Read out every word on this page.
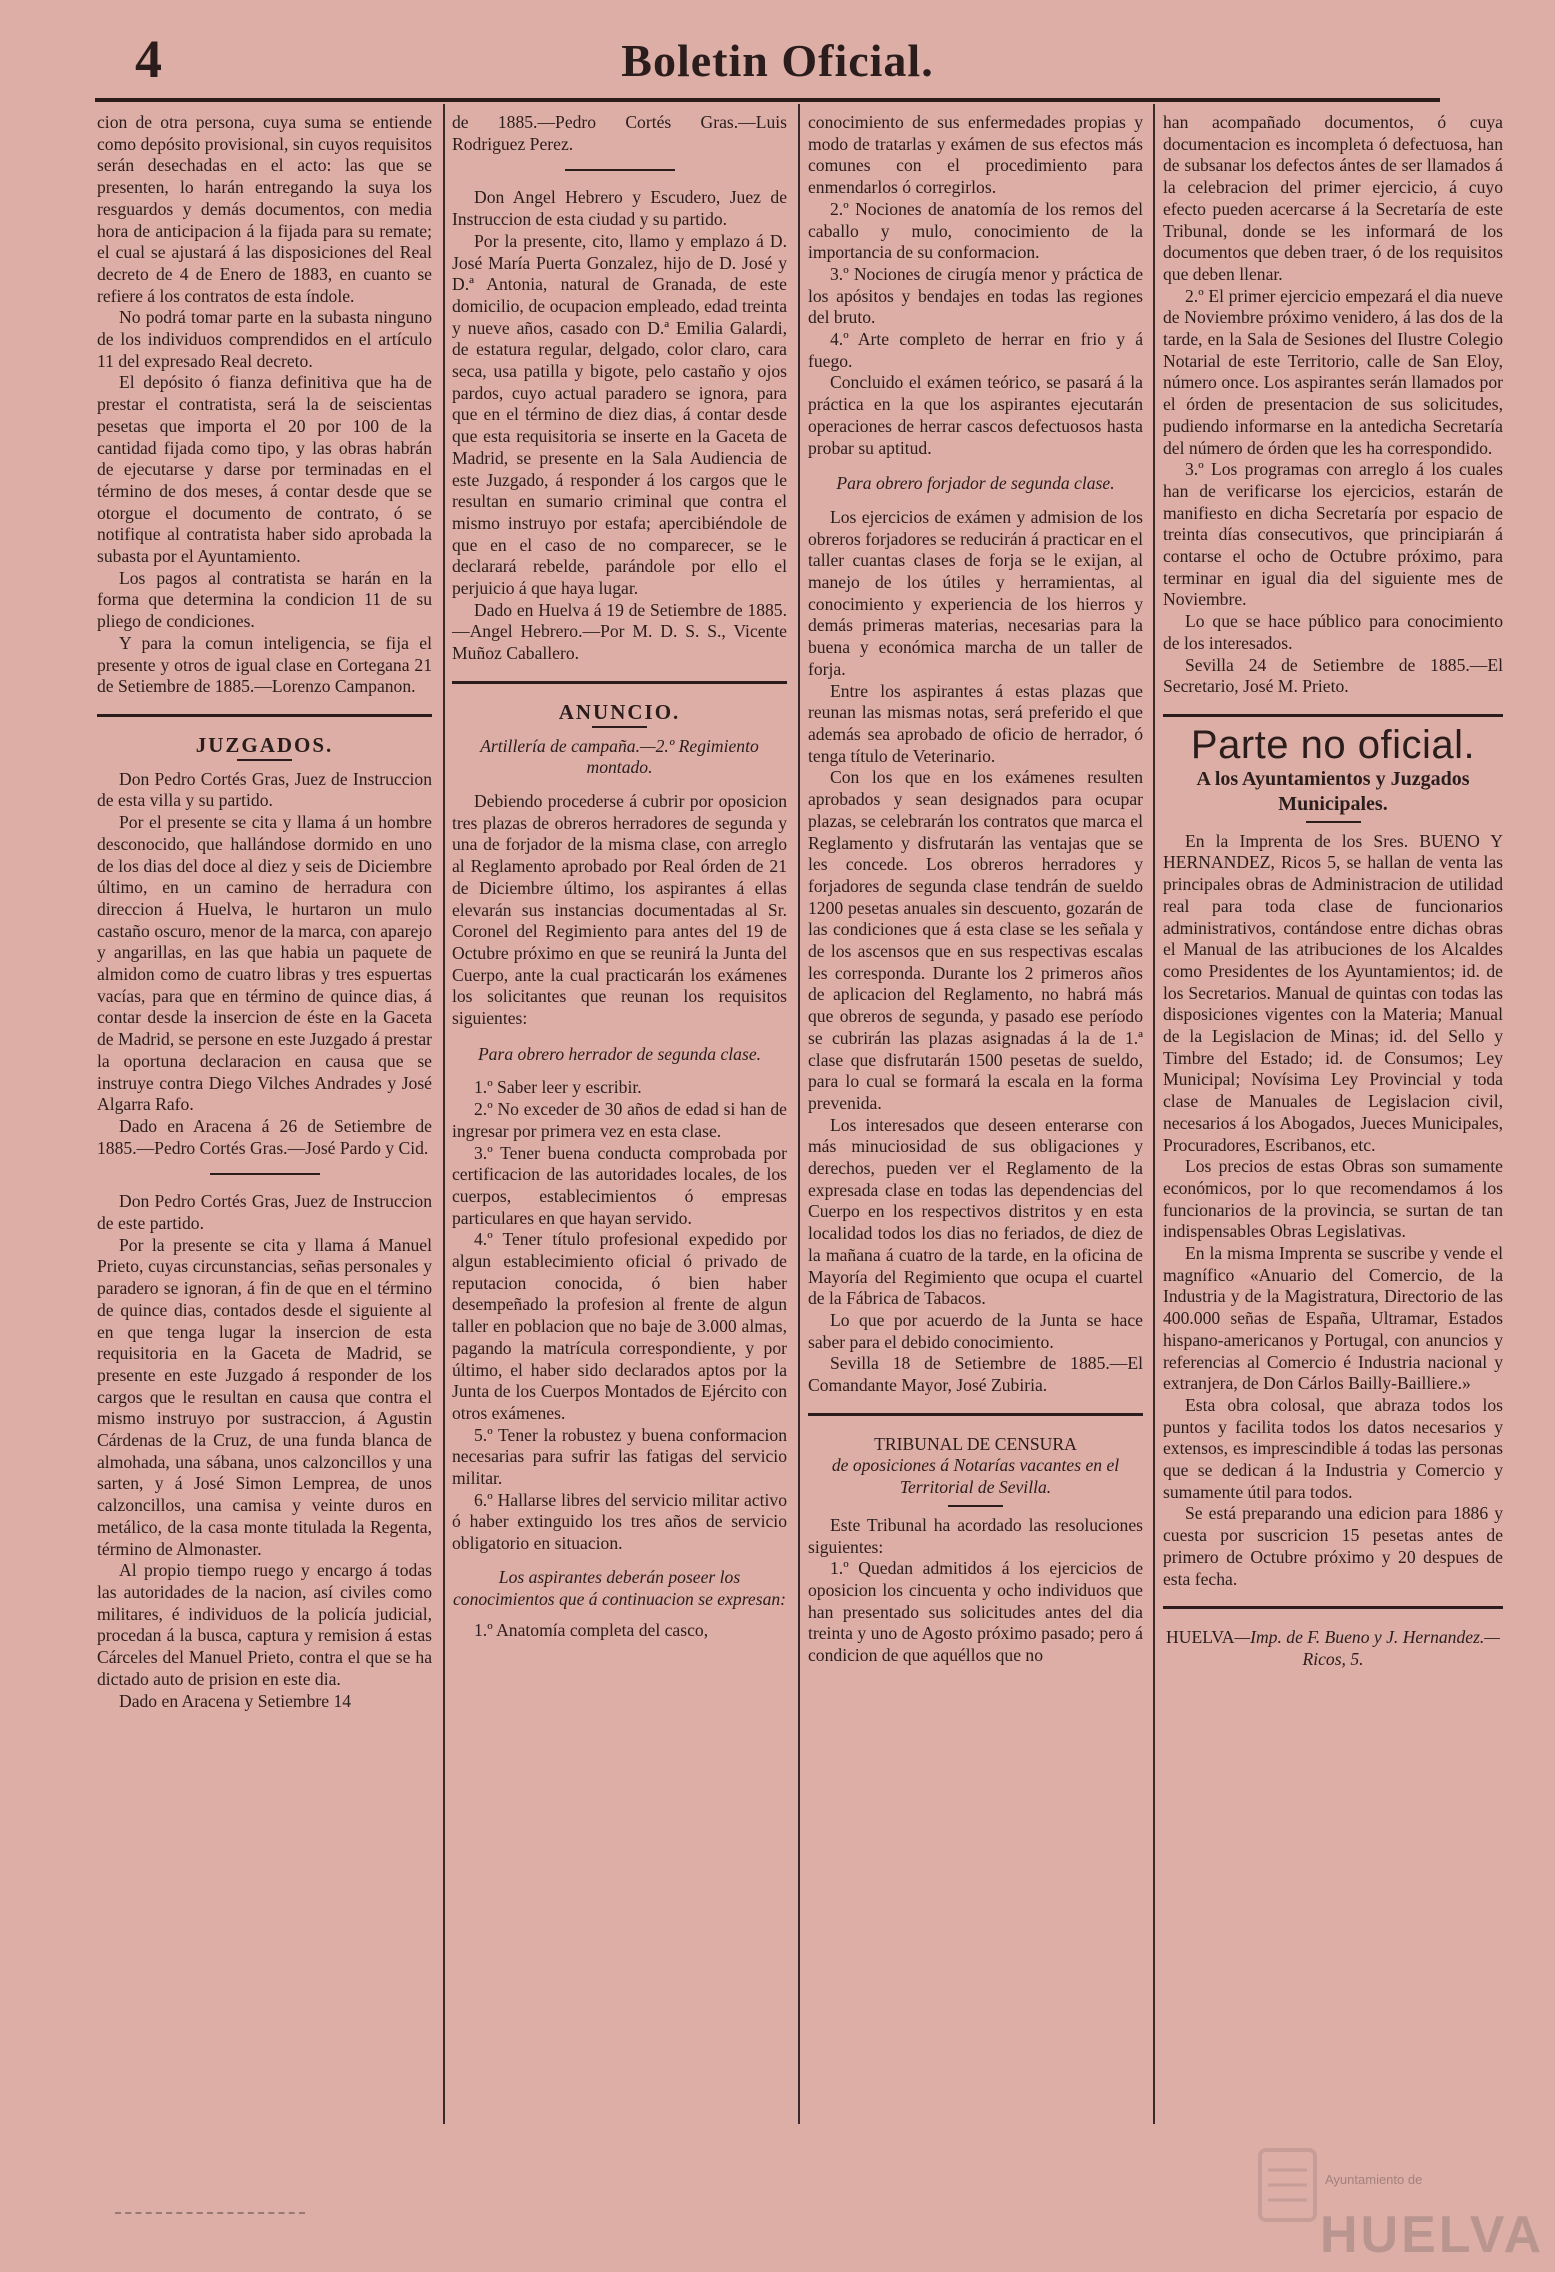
4	Boletin Oficial.

cion de otra persona, cuya suma se entiende como depósito provisional, sin cuyos requisitos serán desechadas en el acto: las que se presenten, lo harán entregando la suya los resguardos y demás documentos, con media hora de anticipacion á la fijada para su remate; el cual se ajustará á las disposiciones del Real decreto de 4 de Enero de 1883, en cuanto se refiere á los contratos de esta índole.

No podrá tomar parte en la subasta ninguno de los individuos comprendidos en el artículo 11 del expresado Real decreto.

El depósito ó fianza definitiva que ha de prestar el contratista, será la de seiscientas pesetas que importa el 20 por 100 de la cantidad fijada como tipo, y las obras habrán de ejecutarse y darse por terminadas en el término de dos meses, á contar desde que se otorgue el documento de contrato, ó se notifique al contratista haber sido aprobada la subasta por el Ayuntamiento.

Los pagos al contratista se harán en la forma que determina la condicion 11 de su pliego de condiciones.

Y para la comun inteligencia, se fija el presente y otros de igual clase en Cortegana 21 de Setiembre de 1885.—Lorenzo Campanon.

JUZGADOS.

Don Pedro Cortés Gras, Juez de Instruccion de esta villa y su partido.

Por el presente se cita y llama á un hombre desconocido, que hallándose dormido en uno de los dias del doce al diez y seis de Diciembre último, en un camino de herradura con direccion á Huelva, le hurtaron un mulo castaño oscuro, menor de la marca, con aparejo y angarillas, en las que habia un paquete de almidon como de cuatro libras y tres espuertas vacías, para que en término de quince dias, á contar desde la insercion de éste en la Gaceta de Madrid, se persone en este Juzgado á prestar la oportuna declaracion en causa que se instruye contra Diego Vilches Andrades y José Algarra Rafo.

Dado en Aracena á 26 de Setiembre de 1885.—Pedro Cortés Gras.—José Pardo y Cid.

Don Pedro Cortés Gras, Juez de Instruccion de este partido.

Por la presente se cita y llama á Manuel Prieto, cuyas circunstancias, señas personales y paradero se ignoran, á fin de que en el término de quince dias, contados desde el siguiente al en que tenga lugar la insercion de esta requisitoria en la Gaceta de Madrid, se presente en este Juzgado á responder de los cargos que le resultan en causa que contra el mismo instruyo por sustraccion, á Agustin Cárdenas de la Cruz, de una funda blanca de almohada, una sábana, unos calzoncillos y una sarten, y á José Simon Lemprea, de unos calzoncillos, una camisa y veinte duros en metálico, de la casa monte titulada la Regenta, término de Almonaster.

Al propio tiempo ruego y encargo á todas las autoridades de la nacion, así civiles como militares, é individuos de la policía judicial, procedan á la busca, captura y remision á estas Cárceles del Manuel Prieto, contra el que se ha dictado auto de prision en este dia.

Dado en Aracena y Setiembre 14

de 1885.—Pedro Cortés Gras.—Luis Rodriguez Perez.

Don Angel Hebrero y Escudero, Juez de Instruccion de esta ciudad y su partido.

Por la presente, cito, llamo y emplazo á D. José María Puerta Gonzalez, hijo de D. José y D.ª Antonia, natural de Granada, de este domicilio, de ocupacion empleado, edad treinta y nueve años, casado con D.ª Emilia Galardi, de estatura regular, delgado, color claro, cara seca, usa patilla y bigote, pelo castaño y ojos pardos, cuyo actual paradero se ignora, para que en el término de diez dias, á contar desde que esta requisitoria se inserte en la Gaceta de Madrid, se presente en la Sala Audiencia de este Juzgado, á responder á los cargos que le resultan en sumario criminal que contra el mismo instruyo por estafa; apercibiéndole de que en el caso de no comparecer, se le declarará rebelde, parándole por ello el perjuicio á que haya lugar.

Dado en Huelva á 19 de Setiembre de 1885.—Angel Hebrero.—Por M. D. S. S., Vicente Muñoz Caballero.

ANUNCIO.

Artillería de campaña.—2.º Regimiento montado.

Debiendo procederse á cubrir por oposicion tres plazas de obreros herradores de segunda y una de forjador de la misma clase, con arreglo al Reglamento aprobado por Real órden de 21 de Diciembre último, los aspirantes á ellas elevarán sus instancias documentadas al Sr. Coronel del Regimiento para antes del 19 de Octubre próximo en que se reunirá la Junta del Cuerpo, ante la cual practicarán los exámenes los solicitantes que reunan los requisitos siguientes:

Para obrero herrador de segunda clase.

1.º Saber leer y escribir.

2.º No exceder de 30 años de edad si han de ingresar por primera vez en esta clase.

3.º Tener buena conducta comprobada por certificacion de las autoridades locales, de los cuerpos, establecimientos ó empresas particulares en que hayan servido.

4.º Tener título profesional expedido por algun establecimiento oficial ó privado de reputacion conocida, ó bien haber desempeñado la profesion al frente de algun taller en poblacion que no baje de 3.000 almas, pagando la matrícula correspondiente, y por último, el haber sido declarados aptos por la Junta de los Cuerpos Montados de Ejército con otros exámenes.

5.º Tener la robustez y buena conformacion necesarias para sufrir las fatigas del servicio militar.

6.º Hallarse libres del servicio militar activo ó haber extinguido los tres años de servicio obligatorio en situacion.

Los aspirantes deberán poseer los conocimientos que á continuacion se expresan:

1.º Anatomía completa del casco,

conocimiento de sus enfermedades propias y modo de tratarlas y exámen de sus efectos más comunes con el procedimiento para enmendarlos ó corregirlos.

2.º Nociones de anatomía de los remos del caballo y mulo, conocimiento de la importancia de su conformacion.

3.º Nociones de cirugía menor y práctica de los apósitos y bendajes en todas las regiones del bruto.

4.º Arte completo de herrar en frio y á fuego.

Concluido el exámen teórico, se pasará á la práctica en la que los aspirantes ejecutarán operaciones de herrar cascos defectuosos hasta probar su aptitud.

Para obrero forjador de segunda clase.

Los ejercicios de exámen y admision de los obreros forjadores se reducirán á practicar en el taller cuantas clases de forja se le exijan, al manejo de los útiles y herramientas, al conocimiento y experiencia de los hierros y demás primeras materias, necesarias para la buena y económica marcha de un taller de forja.

Entre los aspirantes á estas plazas que reunan las mismas notas, será preferido el que además sea aprobado de oficio de herrador, ó tenga título de Veterinario.

Con los que en los exámenes resulten aprobados y sean designados para ocupar plazas, se celebrarán los contratos que marca el Reglamento y disfrutarán las ventajas que se les concede. Los obreros herradores y forjadores de segunda clase tendrán de sueldo 1200 pesetas anuales sin descuento, gozarán de las condiciones que á esta clase se les señala y de los ascensos que en sus respectivas escalas les corresponda. Durante los 2 primeros años de aplicacion del Reglamento, no habrá más que obreros de segunda, y pasado ese período se cubrirán las plazas asignadas á la de 1.ª clase que disfrutarán 1500 pesetas de sueldo, para lo cual se formará la escala en la forma prevenida.

Los interesados que deseen enterarse con más minuciosidad de sus obligaciones y derechos, pueden ver el Reglamento de la expresada clase en todas las dependencias del Cuerpo en los respectivos distritos y en esta localidad todos los dias no feriados, de diez de la mañana á cuatro de la tarde, en la oficina de Mayoría del Regimiento que ocupa el cuartel de la Fábrica de Tabacos.

Lo que por acuerdo de la Junta se hace saber para el debido conocimiento.

Sevilla 18 de Setiembre de 1885.—El Comandante Mayor, José Zubiria.

TRIBUNAL DE CENSURA

de oposiciones á Notarías vacantes en el Territorial de Sevilla.

Este Tribunal ha acordado las resoluciones siguientes:

1.º Quedan admitidos á los ejercicios de oposicion los cincuenta y ocho individuos que han presentado sus solicitudes antes del dia treinta y uno de Agosto próximo pasado; pero á condicion de que aquéllos que no

han acompañado documentos, ó cuya documentacion es incompleta ó defectuosa, han de subsanar los defectos ántes de ser llamados á la celebracion del primer ejercicio, á cuyo efecto pueden acercarse á la Secretaría de este Tribunal, donde se les informará de los documentos que deben traer, ó de los requisitos que deben llenar.

2.º El primer ejercicio empezará el dia nueve de Noviembre próximo venidero, á las dos de la tarde, en la Sala de Sesiones del Ilustre Colegio Notarial de este Territorio, calle de San Eloy, número once. Los aspirantes serán llamados por el órden de presentacion de sus solicitudes, pudiendo informarse en la antedicha Secretaría del número de órden que les ha correspondido.

3.º Los programas con arreglo á los cuales han de verificarse los ejercicios, estarán de manifiesto en dicha Secretaría por espacio de treinta días consecutivos, que principiarán á contarse el ocho de Octubre próximo, para terminar en igual dia del siguiente mes de Noviembre.

Lo que se hace público para conocimiento de los interesados.

Sevilla 24 de Setiembre de 1885.—El Secretario, José M. Prieto.

Parte no oficial.

A los Ayuntamientos y Juzgados Municipales.

En la Imprenta de los Sres. BUENO Y HERNANDEZ, Ricos 5, se hallan de venta las principales obras de Administracion de utilidad real para toda clase de funcionarios administrativos, contándose entre dichas obras el Manual de las atribuciones de los Alcaldes como Presidentes de los Ayuntamientos; id. de los Secretarios. Manual de quintas con todas las disposiciones vigentes con la Materia; Manual de la Legislacion de Minas; id. del Sello y Timbre del Estado; id. de Consumos; Ley Municipal; Novísima Ley Provincial y toda clase de Manuales de Legislacion civil, necesarios á los Abogados, Jueces Municipales, Procuradores, Escribanos, etc.

Los precios de estas Obras son sumamente económicos, por lo que recomendamos á los funcionarios de la provincia, se surtan de tan indispensables Obras Legislativas.

En la misma Imprenta se suscribe y vende el magnífico «Anuario del Comercio, de la Industria y de la Magistratura, Directorio de las 400.000 señas de España, Ultramar, Estados hispano-americanos y Portugal, con anuncios y referencias al Comercio é Industria nacional y extranjera, de Don Cárlos Bailly-Bailliere.»

Esta obra colosal, que abraza todos los puntos y facilita todos los datos necesarios y extensos, es imprescindible á todas las personas que se dedican á la Industria y Comercio y sumamente útil para todos.

Se está preparando una edicion para 1886 y cuesta por suscricion 15 pesetas antes de primero de Octubre próximo y 20 despues de esta fecha.

HUELVA—Imp. de F. Bueno y J. Hernandez.—Ricos, 5.

Ayuntamiento de
HUELVA
